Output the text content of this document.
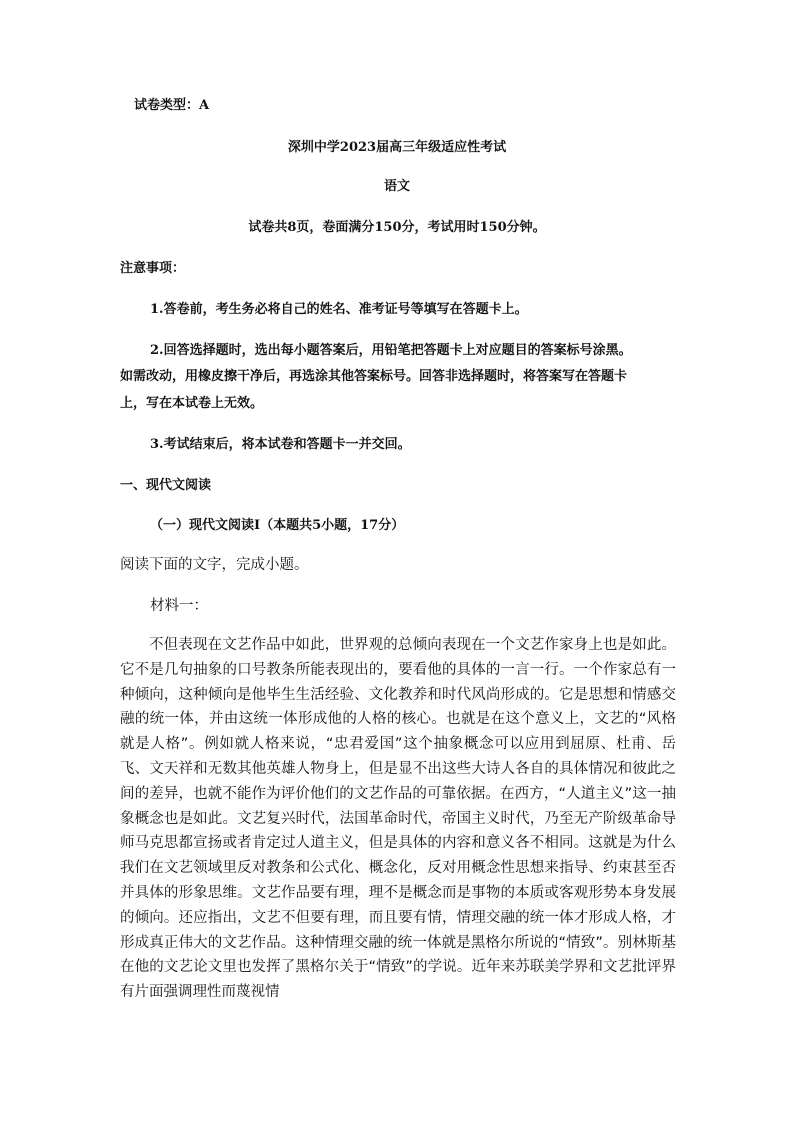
试卷类型：A
深圳中学2023届高三年级适应性考试
语文
试卷共8页，卷面满分150分，考试用时150分钟。
注意事项：
1.答卷前，考生务必将自己的姓名、准考证号等填写在答题卡上。
2.回答选择题时，选出每小题答案后，用铅笔把答题卡上对应题目的答案标号涂黑。
如需改动，用橡皮擦干净后，再选涂其他答案标号。回答非选择题时，将答案写在答题卡
上，写在本试卷上无效。
3.考试结束后，将本试卷和答题卡一并交回。
一、现代文阅读
（一）现代文阅读Ⅰ（本题共5小题，17分）
阅读下面的文字，完成小题。
材料一：
不但表现在文艺作品中如此，世界观的总倾向表现在一个文艺作家身上也是如此。它不是几句抽象的口号教条所能表现出的，要看他的具体的一言一行。一个作家总有一种倾向，这种倾向是他毕生生活经验、文化教养和时代风尚形成的。它是思想和情感交融的统一体，并由这统一体形成他的人格的核心。也就是在这个意义上，文艺的“风格就是人格”。例如就人格来说，“忠君爱国”这个抽象概念可以应用到屈原、杜甫、岳飞、文天祥和无数其他英雄人物身上，但是显不出这些大诗人各自的具体情况和彼此之间的差异，也就不能作为评价他们的文艺作品的可靠依据。在西方，“人道主义”这一抽象概念也是如此。文艺复兴时代，法国革命时代，帝国主义时代，乃至无产阶级革命导师马克思都宣扬或者肯定过人道主义，但是具体的内容和意义各不相同。这就是为什么我们在文艺领域里反对教条和公式化、概念化，反对用概念性思想来指导、约束甚至否并具体的形象思维。文艺作品要有理，理不是概念而是事物的本质或客观形势本身发展的倾向。还应指出，文艺不但要有理，而且要有情，情理交融的统一体才形成人格，才形成真正伟大的文艺作品。这种情理交融的统一体就是黑格尔所说的“情致”。别林斯基在他的文艺论文里也发挥了黑格尔关于“情致”的学说。近年来苏联美学界和文艺批评界有片面强调理性而蔑视情
